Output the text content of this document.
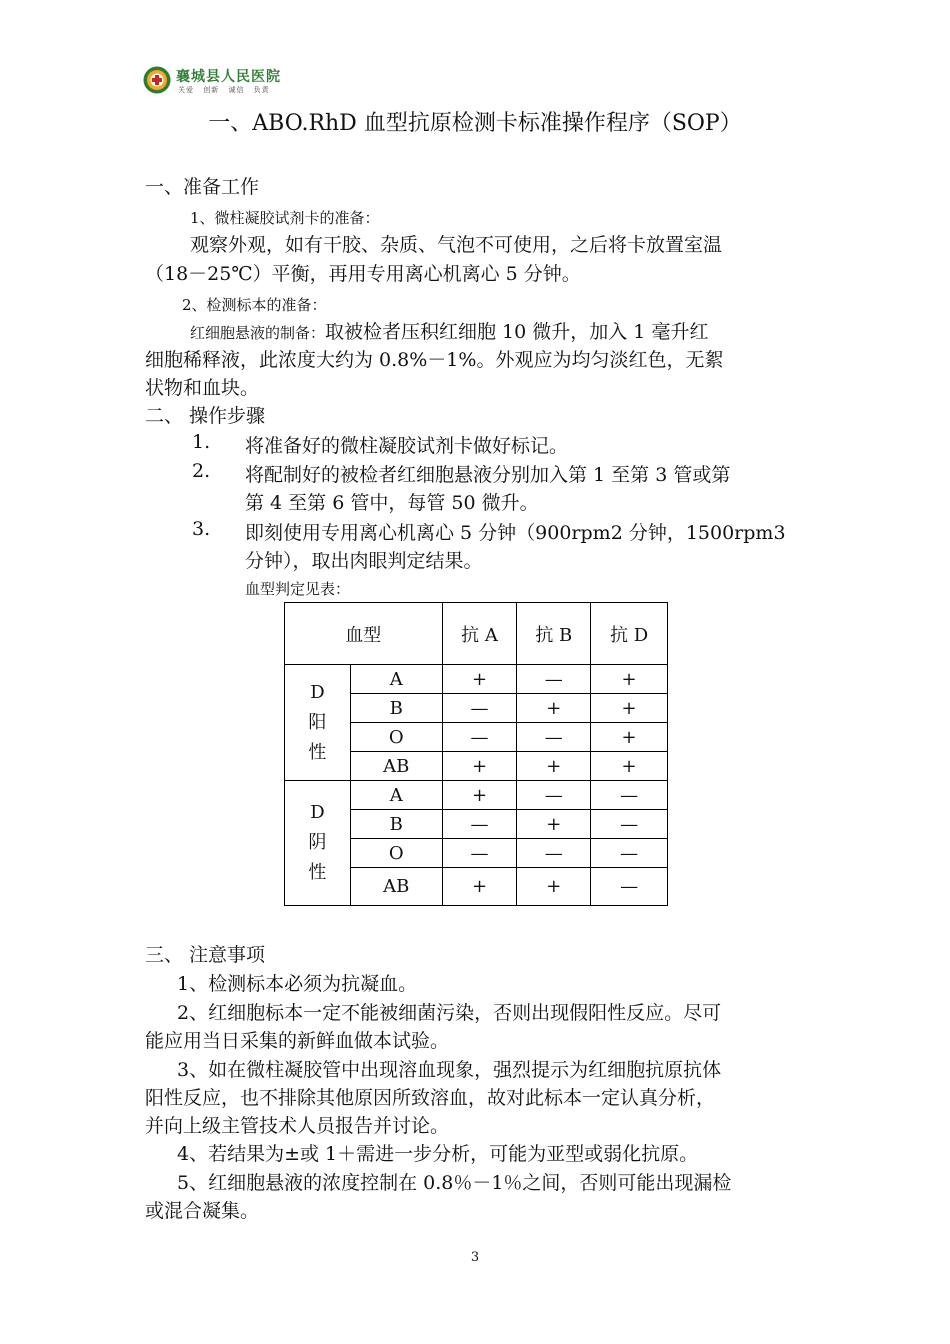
襄城县人民医院
关爱 创新 诚信 负责
一、ABO.RhD 血型抗原检测卡标准操作程序（SOP）
一、准备工作
1、微柱凝胶试剂卡的准备：
观察外观，如有干胶、杂质、气泡不可使用，之后将卡放置室温
（18－25℃）平衡，再用专用离心机离心 5 分钟。
2、检测标本的准备：
红细胞悬液的制备：取被检者压积红细胞 10 微升，加入 1 毫升红
细胞稀释液，此浓度大约为 0.8%－1%。外观应为均匀淡红色，无絮
状物和血块。
二、 操作步骤
1. 将准备好的微柱凝胶试剂卡做好标记。
2. 将配制好的被检者红细胞悬液分别加入第 1 至第 3 管或第
第 4 至第 6 管中，每管 50 微升。
3. 即刻使用专用离心机离心 5 分钟（900rpm2 分钟，1500rpm3
分钟），取出肉眼判定结果。
血型判定见表：
血型		抗 A	抗 B	抗 D
D 阳 性	A	+	—	+
	B	—	+	+
	O	—	—	+
	AB	+	+	+
D 阴 性	A	+	—	—
	B	—	+	—
	O	—	—	—
	AB	+	+	—
三、 注意事项
1、检测标本必须为抗凝血。
2、红细胞标本一定不能被细菌污染，否则出现假阳性反应。尽可
能应用当日采集的新鲜血做本试验。
3、如在微柱凝胶管中出现溶血现象，强烈提示为红细胞抗原抗体
阳性反应，也不排除其他原因所致溶血，故对此标本一定认真分析，
并向上级主管技术人员报告并讨论。
4、若结果为±或 1＋需进一步分析，可能为亚型或弱化抗原。
5、红细胞悬液的浓度控制在 0.8％－1％之间，否则可能出现漏检
或混合凝集。
3
